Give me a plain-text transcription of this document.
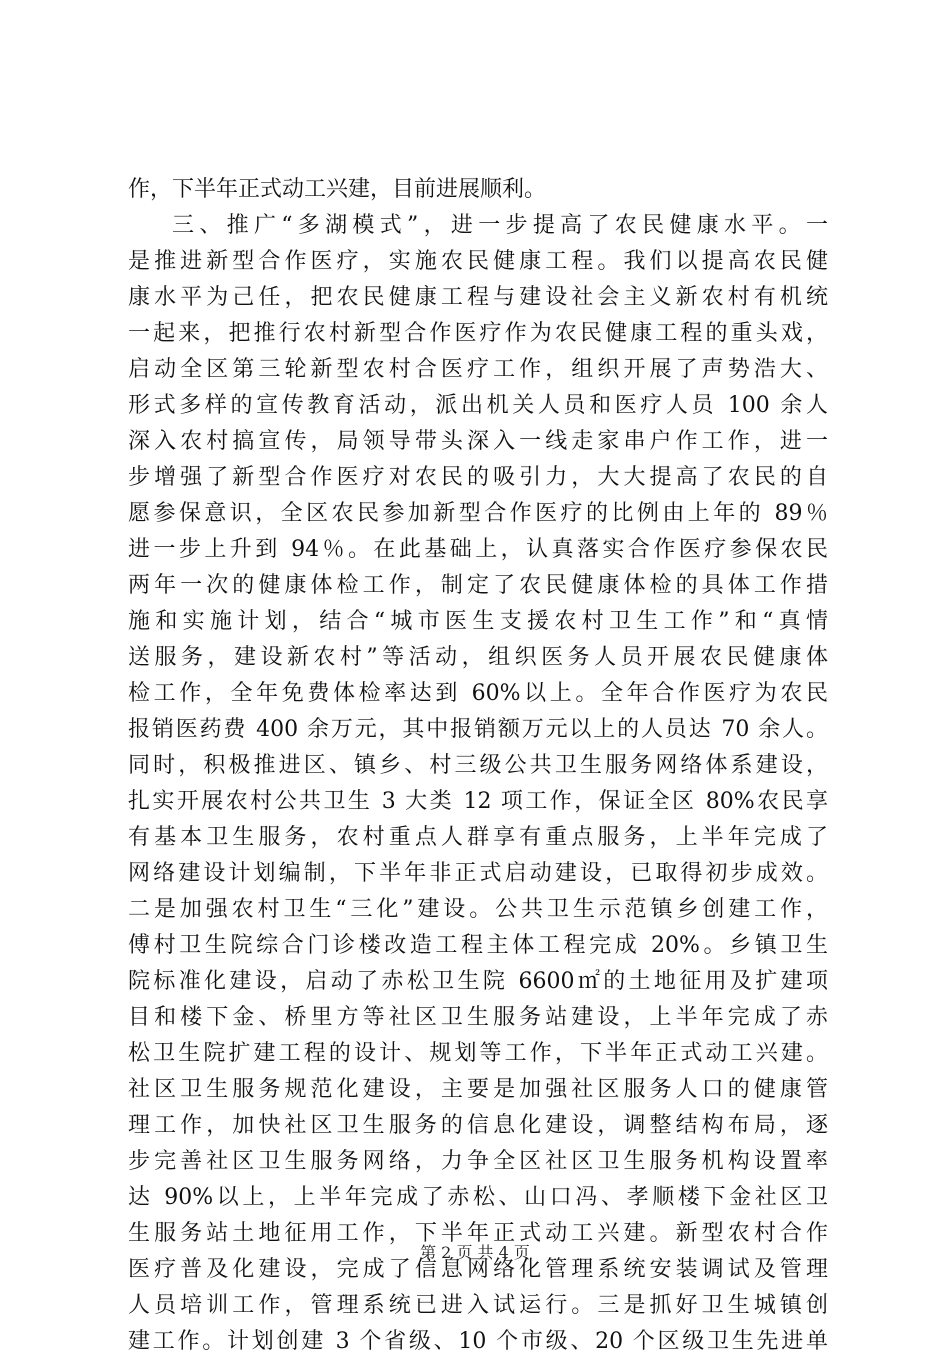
作，下半年正式动工兴建，目前进展顺利。
三、推广“多湖模式”，进一步提高了农民健康水平。一
是推进新型合作医疗，实施农民健康工程。我们以提高农民健
康水平为己任，把农民健康工程与建设社会主义新农村有机统
一起来，把推行农村新型合作医疗作为农民健康工程的重头戏，
启动全区第三轮新型农村合医疗工作，组织开展了声势浩大、
形式多样的宣传教育活动，派出机关人员和医疗人员 100 余人
深入农村搞宣传，局领导带头深入一线走家串户作工作，进一
步增强了新型合作医疗对农民的吸引力，大大提高了农民的自
愿参保意识，全区农民参加新型合作医疗的比例由上年的 89％
进一步上升到 94％。在此基础上，认真落实合作医疗参保农民
两年一次的健康体检工作，制定了农民健康体检的具体工作措
施和实施计划，结合“城市医生支援农村卫生工作”和“真情
送服务，建设新农村”等活动，组织医务人员开展农民健康体
检工作，全年免费体检率达到 60%以上。全年合作医疗为农民
报销医药费 400 余万元，其中报销额万元以上的人员达 70 余人。
同时，积极推进区、镇乡、村三级公共卫生服务网络体系建设，
扎实开展农村公共卫生 3 大类 12 项工作，保证全区 80%农民享
有基本卫生服务，农村重点人群享有重点服务，上半年完成了
网络建设计划编制，下半年非正式启动建设，已取得初步成效。
二是加强农村卫生“三化”建设。公共卫生示范镇乡创建工作，
傅村卫生院综合门诊楼改造工程主体工程完成 20%。乡镇卫生
院标准化建设，启动了赤松卫生院 6600㎡的土地征用及扩建项
目和楼下金、桥里方等社区卫生服务站建设，上半年完成了赤
松卫生院扩建工程的设计、规划等工作，下半年正式动工兴建。
社区卫生服务规范化建设，主要是加强社区服务人口的健康管
理工作，加快社区卫生服务的信息化建设，调整结构布局，逐
步完善社区卫生服务网络，力争全区社区卫生服务机构设置率
达 90%以上，上半年完成了赤松、山口冯、孝顺楼下金社区卫
生服务站土地征用工作，下半年正式动工兴建。新型农村合作
医疗普及化建设，完成了信息网络化管理系统安装调试及管理
人员培训工作，管理系统已进入试运行。三是抓好卫生城镇创
建工作。计划创建 3 个省级、10 个市级、20 个区级卫生先进单
第 2 页 共 4 页
